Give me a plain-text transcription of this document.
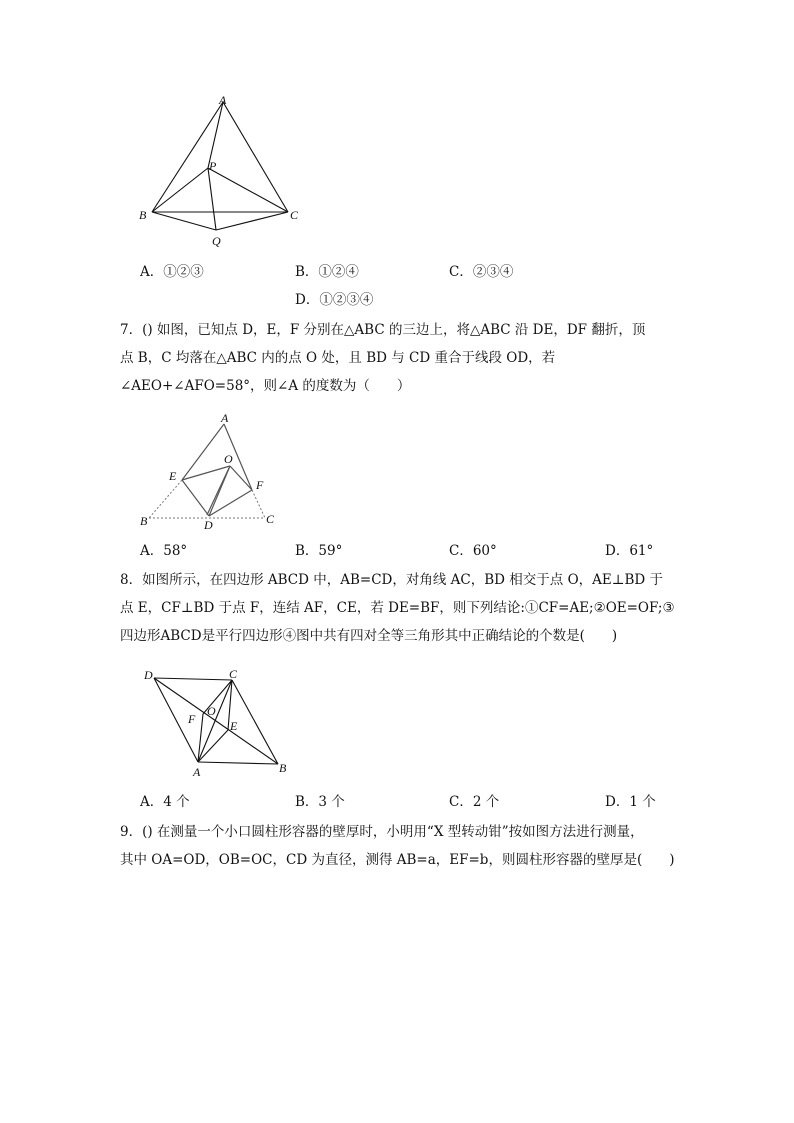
A
P
B	C
Q
A．①②③	B．①②④	C．②③④
D．①②③④
7．() 如图，已知点 D，E，F 分别在△ABC 的三边上，将△ABC 沿 DE，DF 翻折，顶
点 B，C 均落在△ABC 内的点 O 处，且 BD 与 CD 重合于线段 OD，若
∠AEO+∠AFO=58°，则∠A 的度数为（　　）
A
O
E
F
B	D	C
A．58°	B．59°	C．60°	D．61°
8．如图所示，在四边形 ABCD 中，AB=CD，对角线 AC，BD 相交于点 O，AE⊥BD 于
点 E，CF⊥BD 于点 F，连结 AF，CE，若 DE=BF，则下列结论:①CF=AE;②OE=OF;③
四边形ABCD是平行四边形④图中共有四对全等三角形其中正确结论的个数是(　　)
D	C
F
O
E
A	B
A．4 个	B．3 个	C．2 个	D．1 个
9．() 在测量一个小口圆柱形容器的壁厚时，小明用“X 型转动钳”按如图方法进行测量，
其中 OA=OD，OB=OC，CD 为直径，测得 AB=a，EF=b，则圆柱形容器的壁厚是(　　)
